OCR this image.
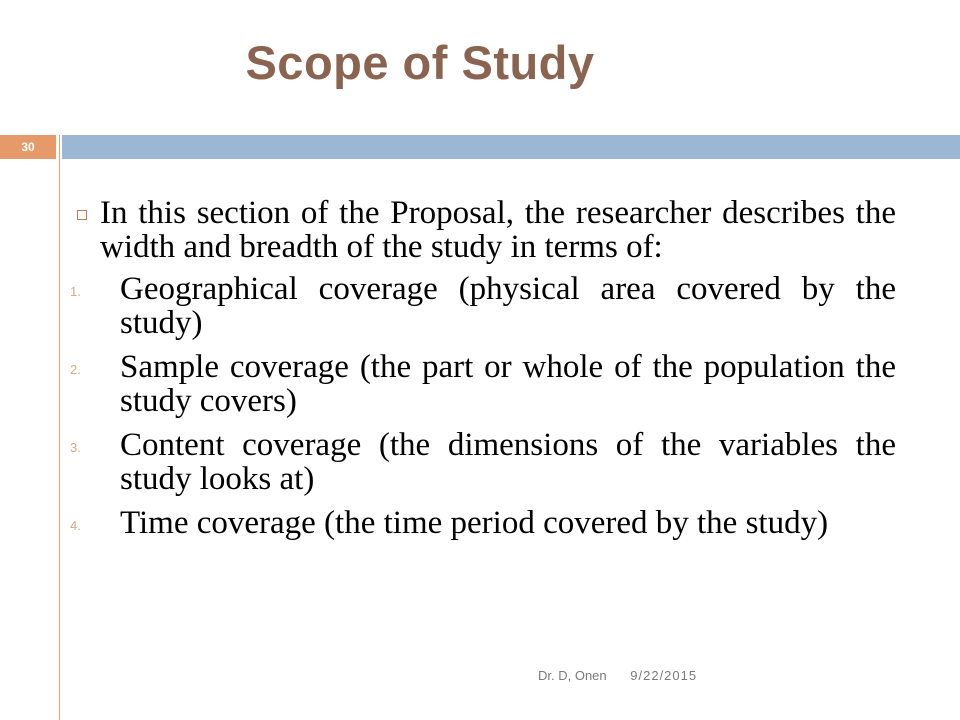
Scope of Study
30
In this section of the Proposal, the researcher describes the width and breadth of the study in terms of:
1. Geographical coverage (physical area covered by the study)
2. Sample coverage (the part or whole of the population the study covers)
3. Content coverage (the dimensions of the variables the study looks at)
4. Time coverage (the time period covered by the study)
Dr. D, Onen 9/22/2015
